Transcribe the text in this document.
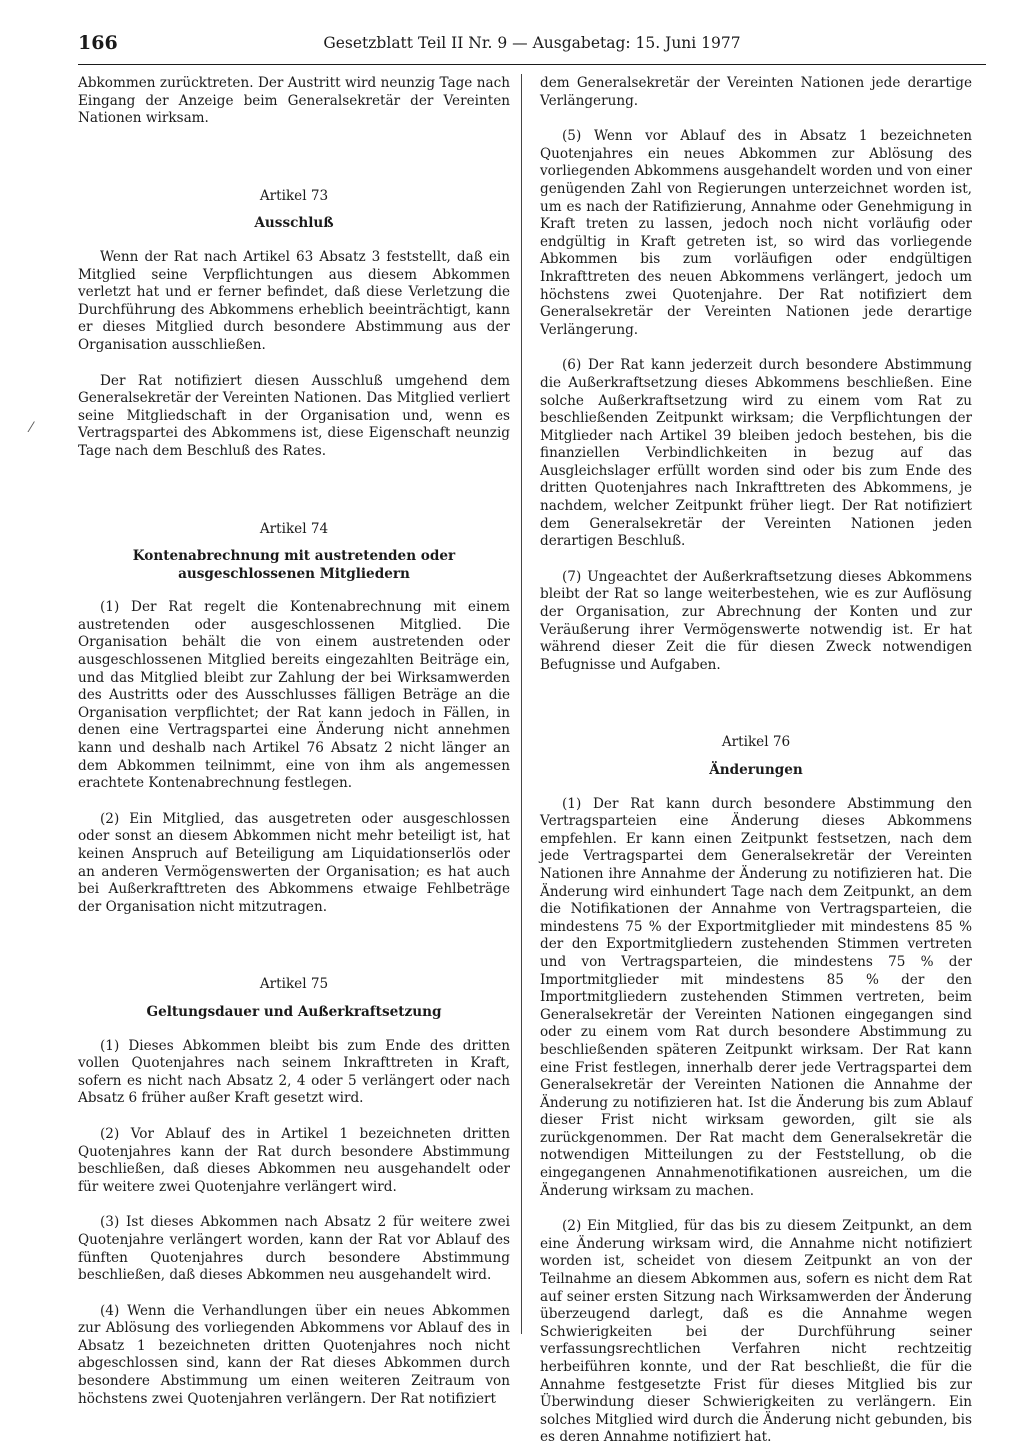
166	Gesetzblatt Teil II Nr. 9 — Ausgabetag: 15. Juni 1977
⁄

Abkommen zurücktreten. Der Austritt wird neunzig Tage nach Eingang der Anzeige beim Generalsekretär der Vereinten Nationen wirksam.

Artikel 73

Ausschluß

Wenn der Rat nach Artikel 63 Absatz 3 feststellt, daß ein Mitglied seine Verpflichtungen aus diesem Abkommen verletzt hat und er ferner befindet, daß diese Verletzung die Durchführung des Abkommens erheblich beeinträchtigt, kann er dieses Mitglied durch besondere Abstimmung aus der Organisation ausschließen.

Der Rat notifiziert diesen Ausschluß umgehend dem Generalsekretär der Vereinten Nationen. Das Mitglied verliert seine Mitgliedschaft in der Organisation und, wenn es Vertragspartei des Abkommens ist, diese Eigenschaft neunzig Tage nach dem Beschluß des Rates.

Artikel 74

Kontenabrechnung mit austretenden oder

ausgeschlossenen Mitgliedern

(1) Der Rat regelt die Kontenabrechnung mit einem austretenden oder ausgeschlossenen Mitglied. Die Organisation behält die von einem austretenden oder ausgeschlossenen Mitglied bereits eingezahlten Beiträge ein, und das Mitglied bleibt zur Zahlung der bei Wirksamwerden des Austritts oder des Ausschlusses fälligen Beträge an die Organisation verpflichtet; der Rat kann jedoch in Fällen, in denen eine Vertragspartei eine Änderung nicht annehmen kann und deshalb nach Artikel 76 Absatz 2 nicht länger an dem Abkommen teilnimmt, eine von ihm als angemessen erachtete Kontenabrechnung festlegen.

(2) Ein Mitglied, das ausgetreten oder ausgeschlossen oder sonst an diesem Abkommen nicht mehr beteiligt ist, hat keinen Anspruch auf Beteiligung am Liquidationserlös oder an anderen Vermögenswerten der Organisation; es hat auch bei Außerkrafttreten des Abkommens etwaige Fehlbeträge der Organisation nicht mitzutragen.

Artikel 75

Geltungsdauer und Außerkraftsetzung

(1) Dieses Abkommen bleibt bis zum Ende des dritten vollen Quotenjahres nach seinem Inkrafttreten in Kraft, sofern es nicht nach Absatz 2, 4 oder 5 verlängert oder nach Absatz 6 früher außer Kraft gesetzt wird.

(2) Vor Ablauf des in Artikel 1 bezeichneten dritten Quotenjahres kann der Rat durch besondere Abstimmung beschließen, daß dieses Abkommen neu ausgehandelt oder für weitere zwei Quotenjahre verlängert wird.

(3) Ist dieses Abkommen nach Absatz 2 für weitere zwei Quotenjahre verlängert worden, kann der Rat vor Ablauf des fünften Quotenjahres durch besondere Abstimmung beschließen, daß dieses Abkommen neu ausgehandelt wird.

(4) Wenn die Verhandlungen über ein neues Abkommen zur Ablösung des vorliegenden Abkommens vor Ablauf des in Absatz 1 bezeichneten dritten Quotenjahres noch nicht abgeschlossen sind, kann der Rat dieses Abkommen durch besondere Abstimmung um einen weiteren Zeitraum von höchstens zwei Quotenjahren verlängern. Der Rat notifiziert

dem Generalsekretär der Vereinten Nationen jede derartige Verlängerung.

(5) Wenn vor Ablauf des in Absatz 1 bezeichneten Quotenjahres ein neues Abkommen zur Ablösung des vorliegenden Abkommens ausgehandelt worden und von einer genügenden Zahl von Regierungen unterzeichnet worden ist, um es nach der Ratifizierung, Annahme oder Genehmigung in Kraft treten zu lassen, jedoch noch nicht vorläufig oder endgültig in Kraft getreten ist, so wird das vorliegende Abkommen bis zum vorläufigen oder endgültigen Inkrafttreten des neuen Abkommens verlängert, jedoch um höchstens zwei Quotenjahre. Der Rat notifiziert dem Generalsekretär der Vereinten Nationen jede derartige Verlängerung.

(6) Der Rat kann jederzeit durch besondere Abstimmung die Außerkraftsetzung dieses Abkommens beschließen. Eine solche Außerkraftsetzung wird zu einem vom Rat zu beschließenden Zeitpunkt wirksam; die Verpflichtungen der Mitglieder nach Artikel 39 bleiben jedoch bestehen, bis die finanziellen Verbindlichkeiten in bezug auf das Ausgleichslager erfüllt worden sind oder bis zum Ende des dritten Quotenjahres nach Inkrafttreten des Abkommens, je nachdem, welcher Zeitpunkt früher liegt. Der Rat notifiziert dem Generalsekretär der Vereinten Nationen jeden derartigen Beschluß.

(7) Ungeachtet der Außerkraftsetzung dieses Abkommens bleibt der Rat so lange weiterbestehen, wie es zur Auflösung der Organisation, zur Abrechnung der Konten und zur Veräußerung ihrer Vermögenswerte notwendig ist. Er hat während dieser Zeit die für diesen Zweck notwendigen Befugnisse und Aufgaben.

Artikel 76

Änderungen

(1) Der Rat kann durch besondere Abstimmung den Vertragsparteien eine Änderung dieses Abkommens empfehlen. Er kann einen Zeitpunkt festsetzen, nach dem jede Vertragspartei dem Generalsekretär der Vereinten Nationen ihre Annahme der Änderung zu notifizieren hat. Die Änderung wird einhundert Tage nach dem Zeitpunkt, an dem die Notifikationen der Annahme von Vertragsparteien, die mindestens 75 % der Exportmitglieder mit mindestens 85 % der den Exportmitgliedern zustehenden Stimmen vertreten und von Vertragsparteien, die mindestens 75 % der Importmitglieder mit mindestens 85 % der den Importmitgliedern zustehenden Stimmen vertreten, beim Generalsekretär der Vereinten Nationen eingegangen sind oder zu einem vom Rat durch besondere Abstimmung zu beschließenden späteren Zeitpunkt wirksam. Der Rat kann eine Frist festlegen, innerhalb derer jede Vertragspartei dem Generalsekretär der Vereinten Nationen die Annahme der Änderung zu notifizieren hat. Ist die Änderung bis zum Ablauf dieser Frist nicht wirksam geworden, gilt sie als zurückgenommen. Der Rat macht dem Generalsekretär die notwendigen Mitteilungen zu der Feststellung, ob die eingegangenen Annahmenotifikationen ausreichen, um die Änderung wirksam zu machen.

(2) Ein Mitglied, für das bis zu diesem Zeitpunkt, an dem eine Änderung wirksam wird, die Annahme nicht notifiziert worden ist, scheidet von diesem Zeitpunkt an von der Teilnahme an diesem Abkommen aus, sofern es nicht dem Rat auf seiner ersten Sitzung nach Wirksamwerden der Änderung überzeugend darlegt, daß es die Annahme wegen Schwierigkeiten bei der Durchführung seiner verfassungsrechtlichen Verfahren nicht rechtzeitig herbeiführen konnte, und der Rat beschließt, die für die Annahme festgesetzte Frist für dieses Mitglied bis zur Überwindung dieser Schwierigkeiten zu verlängern. Ein solches Mitglied wird durch die Änderung nicht gebunden, bis es deren Annahme notifiziert hat.
